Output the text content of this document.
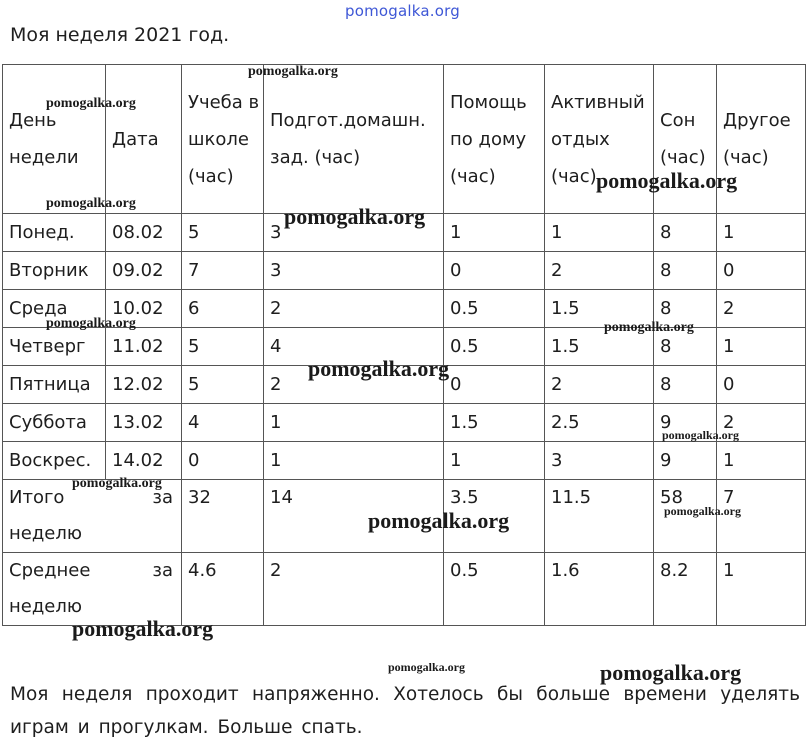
pomogalka.org
Моя неделя 2021 год.
День недели	Дата	Учеба в школе (час)	Подгот.домашн. зад. (час)	Помощь по дому (час)	Активный отдых (час)	Сон (час)	Другое (час)
Понед.	08.02	5	3	1	1	8	1
Вторник	09.02	7	3	0	2	8	0
Среда	10.02	6	2	0.5	1.5	8	2
Четверг	11.02	5	4	0.5	1.5	8	1
Пятница	12.02	5	2	0	2	8	0
Суббота	13.02	4	1	1.5	2.5	9	2
Воскрес.	14.02	0	1	1	3	9	1

Итого за
неделю		32	14	3.5	11.5	58	7

Среднее за
неделю		4.6	2	0.5	1.6	8.2	1
Моя неделя проходит напряженно. Хотелось бы больше времени уделять играм и прогулкам. Больше спать.
pomogalka.org
pomogalka.org
pomogalka.org
pomogalka.org
pomogalka.org
pomogalka.org	pomogalka.org
pomogalka.org
pomogalka.org
pomogalka.org
pomogalka.org
pomogalka.org
pomogalka.org
pomogalka.org	pomogalka.org
